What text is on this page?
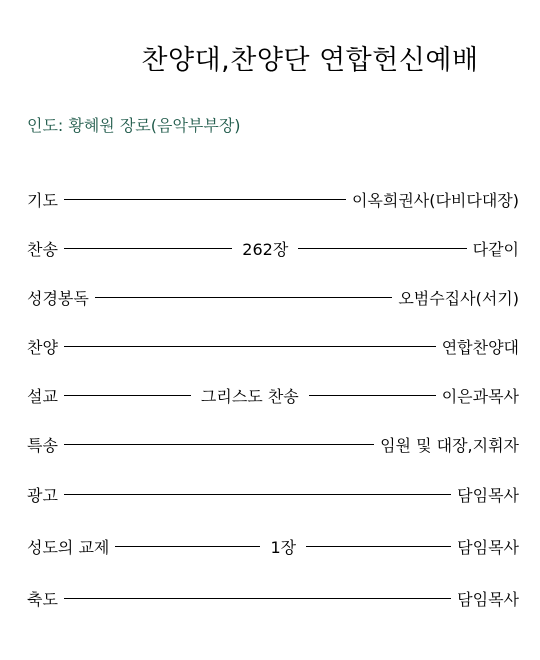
찬양대,찬양단 연합헌신예배
인도: 황혜원 장로(음악부부장)
기도	이옥희권사(다비다대장)
찬송	262장	다같이
성경봉독	오범수집사(서기)
찬양	연합찬양대
설교	그리스도 찬송	이은과목사
특송	임원 및 대장,지휘자
광고	담임목사
성도의 교제	1장	담임목사
축도	담임목사
